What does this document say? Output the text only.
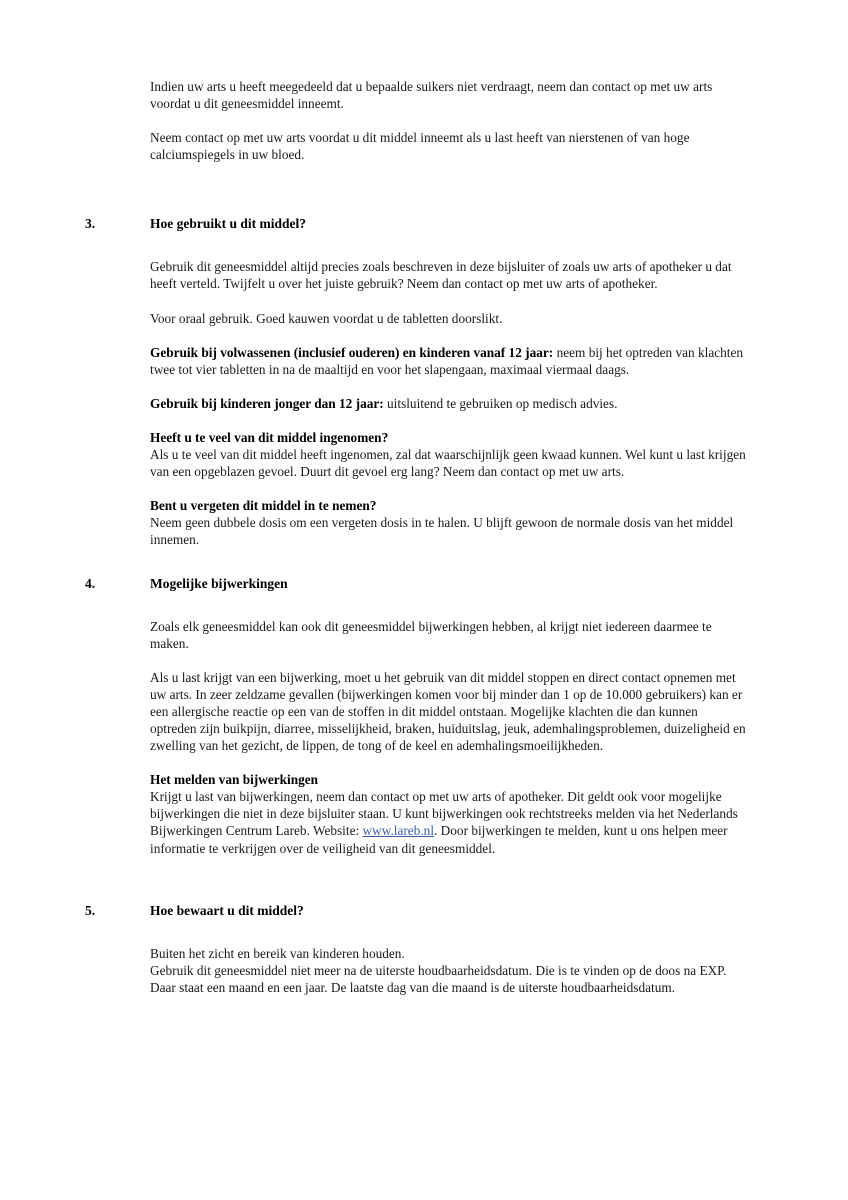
Indien uw arts u heeft meegedeeld dat u bepaalde suikers niet verdraagt, neem dan contact op met uw arts voordat u dit geneesmiddel inneemt.

Neem contact op met uw arts voordat u dit middel inneemt als u last heeft van nierstenen of van hoge calciumspiegels in uw bloed.

3.	Hoe gebruikt u dit middel?

Gebruik dit geneesmiddel altijd precies zoals beschreven in deze bijsluiter of zoals uw arts of apotheker u dat heeft verteld. Twijfelt u over het juiste gebruik? Neem dan contact op met uw arts of apotheker.

Voor oraal gebruik. Goed kauwen voordat u de tabletten doorslikt.

Gebruik bij volwassenen (inclusief ouderen) en kinderen vanaf 12 jaar: neem bij het optreden van klachten twee tot vier tabletten in na de maaltijd en voor het slapengaan, maximaal viermaal daags.

Gebruik bij kinderen jonger dan 12 jaar: uitsluitend te gebruiken op medisch advies.

Heeft u te veel van dit middel ingenomen?

Als u te veel van dit middel heeft ingenomen, zal dat waarschijnlijk geen kwaad kunnen. Wel kunt u last krijgen van een opgeblazen gevoel. Duurt dit gevoel erg lang? Neem dan contact op met uw arts.

Bent u vergeten dit middel in te nemen?

Neem geen dubbele dosis om een vergeten dosis in te halen. U blijft gewoon de normale dosis van het middel innemen.

4.	Mogelijke bijwerkingen

Zoals elk geneesmiddel kan ook dit geneesmiddel bijwerkingen hebben, al krijgt niet iedereen daarmee te maken.

Als u last krijgt van een bijwerking, moet u het gebruik van dit middel stoppen en direct contact opnemen met uw arts. In zeer zeldzame gevallen (bijwerkingen komen voor bij minder dan 1 op de 10.000 gebruikers) kan er een allergische reactie op een van de stoffen in dit middel ontstaan. Mogelijke klachten die dan kunnen optreden zijn buikpijn, diarree, misselijkheid, braken, huiduitslag, jeuk, ademhalingsproblemen, duizeligheid en zwelling van het gezicht, de lippen, de tong of de keel en ademhalingsmoeilijkheden.

Het melden van bijwerkingen

Krijgt u last van bijwerkingen, neem dan contact op met uw arts of apotheker. Dit geldt ook voor mogelijke bijwerkingen die niet in deze bijsluiter staan. U kunt bijwerkingen ook rechtstreeks melden via het Nederlands Bijwerkingen Centrum Lareb. Website: www.lareb.nl. Door bijwerkingen te melden, kunt u ons helpen meer informatie te verkrijgen over de veiligheid van dit geneesmiddel.

5.	Hoe bewaart u dit middel?

Buiten het zicht en bereik van kinderen houden.

Gebruik dit geneesmiddel niet meer na de uiterste houdbaarheidsdatum. Die is te vinden op de doos na EXP. Daar staat een maand en een jaar. De laatste dag van die maand is de uiterste houdbaarheidsdatum.
